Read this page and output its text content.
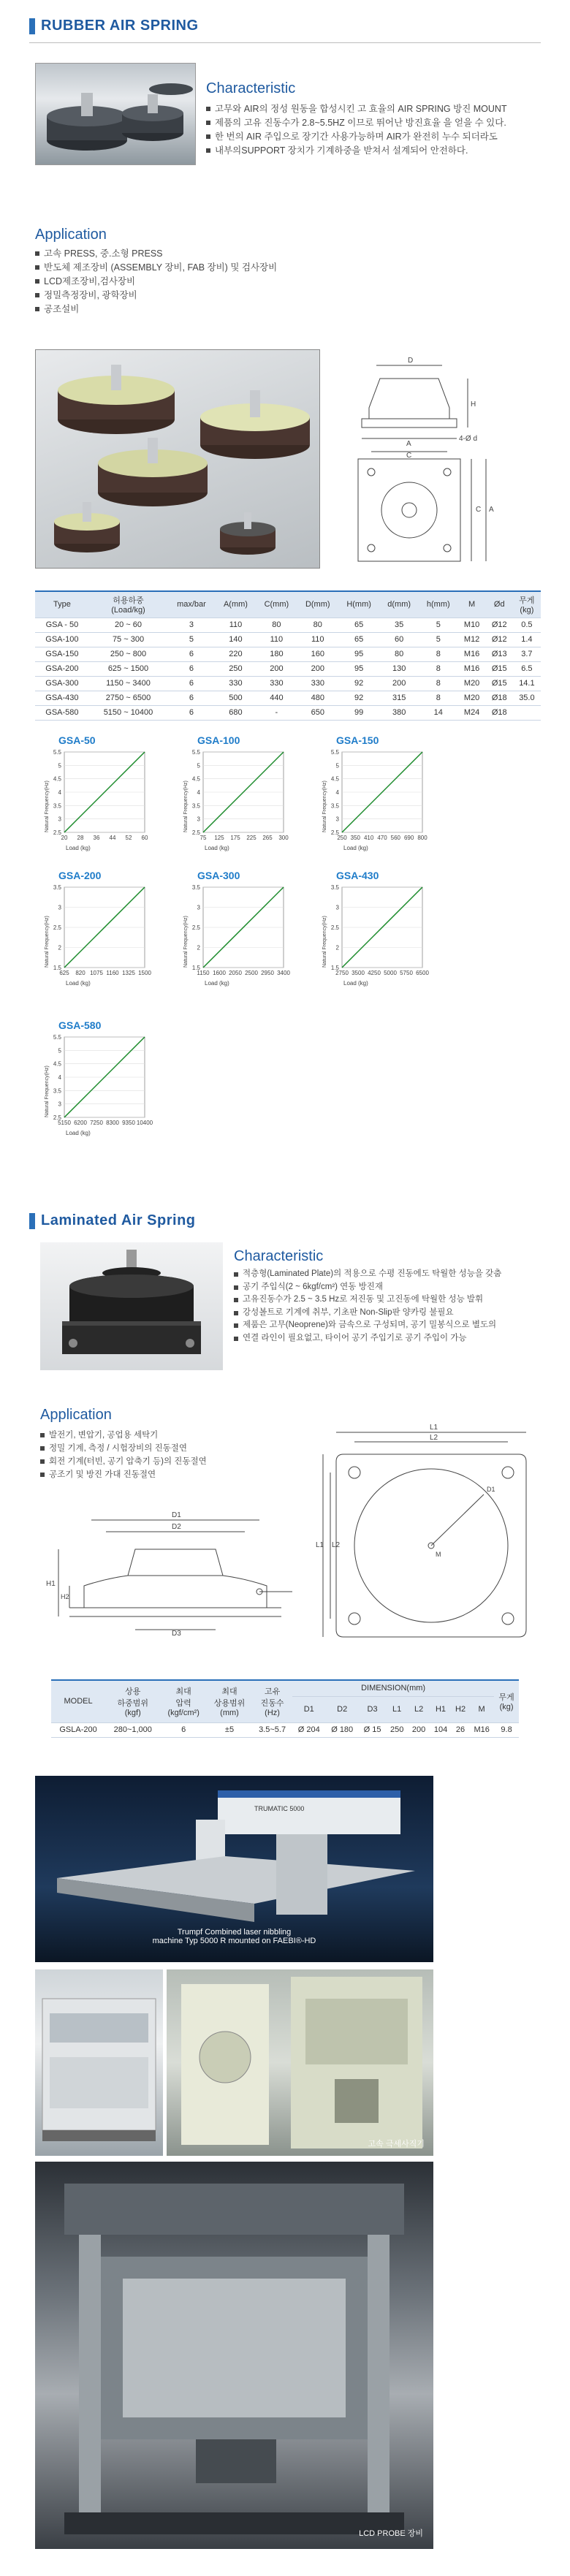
RUBBER AIR SPRING
Characteristic
고무와 AIR의 정성 원동을 합성시킨 고 효율의 AIR SPRING 방진 MOUNT
제품의 고유 진동수가 2.8~5.5HZ 이므로 뛰어난 방진효율 을 얻을 수 있다.
한 번의 AIR 주입으로 장기간 사용가능하며 AIR가 완전히 누수 되더라도
내부의SUPPORT 장치가 기계하중을 받쳐서 설계되어 안전하다.
Application
고속 PRESS, 중.소형 PRESS
반도체 제조장비 (ASSEMBLY 장비, FAB 장비) 및 검사장비
LCD제조장비,검사장비
정밀측정장비, 광학장비
공조설비
D
H
A
C
C A
4-Ø d
Type	허용하중
(Load/kg)	max/bar	A(mm)	C(mm)	D(mm)	H(mm)	d(mm)	h(mm)	M	Ød	무게
(kg)
GSA - 50	20 ~ 60	3	110	80	80	65	35	5	M10	Ø12	0.5
GSA-100	75 ~ 300	5	140	110	110	65	60	5	M12	Ø12	1.4
GSA-150	250 ~ 800	6	220	180	160	95	80	8	M16	Ø13	3.7
GSA-200	625 ~ 1500	6	250	200	200	95	130	8	M16	Ø15	6.5
GSA-300	1150 ~ 3400	6	330	330	330	92	200	8	M20	Ø15	14.1
GSA-430	2750 ~ 6500	6	500	440	480	92	315	8	M20	Ø18	35.0
GSA-580	5150 ~ 10400	6	680	-	650	99	380	14	M24	Ø18	
GSA-50
2.5
3
3.5
4
4.5
5
5.5
20 28 36 44 52 60
Load (kg)
Natural Frequency(Hz)
GSA-100
2.5
3
3.5
4
4.5
5
5.5
75 125 175 225 265 300
Load (kg)
Natural Frequency(Hz)
GSA-150
2.5
3
3.5
4
4.5
5
5.5
250 350 410 470 560 690 800
Load (kg)
Natural Frequency(Hz)
GSA-200
1.5
2
2.5
3
3.5
625 820 1075 1160 1325 1500
Load (kg)
Natural Frequency(Hz)
GSA-300
1.5
2
2.5
3
3.5
1150 1600 2050 2500 2950 3400
Load (kg)
Natural Frequency(Hz)
GSA-430
1.5
2
2.5
3
3.5
2750 3500 4250 5000 5750 6500
Load (kg)
Natural Frequency(Hz)
GSA-580
2.5
3
3.5
4
4.5
5
5.5
5150 6200 7250 8300 9350 10400
Load (kg)
Natural Frequency(Hz)
Laminated Air Spring
Characteristic
적층형(Laminated Plate)의 적용으로 수평 진동에도 탁월한 성능을 갖춤
공기 주입식(2 ~ 6kgf/cm²) 연동 방진재
고유진동수가 2.5 ~ 3.5 Hz로 저진동 및 고진동에 탁월한 성능 발휘
강성볼트로 기계에 취부, 기초판 Non-Slip판 양카링 불필요
제품은 고무(Neoprene)와 금속으로 구성되며, 공기 밀봉식으로 별도의
연결 라인이 필요없고, 타이어 공기 주입기로 공기 주입이 가능
Application
발전기, 변압기, 공업용 세탁기
정밀 기계, 측정 / 시험장비의 진동절연
회전 기계(터빈, 공기 압축기 등)의 진동절연
공조기 및 방진 가대 진동절연
D1
D2
H1
H2
D3
L1
L2
D1
M
L1 L2
MODEL	상용
하중범위
(kgf)	최대
압력
(kgf/cm²)	최대
상용범위
(mm)	고유
진동수
(Hz)	DIMENSION(mm)								무게
(kg)
					D1	D2	D3	L1	L2	H1	H2	M	
GSLA-200	280~1,000	6	±5	3.5~5.7	Ø 204	Ø 180	Ø 15	250	200	104	26	M16	9.8
TRUMATIC 5000
Trumpf Combined laser nibbling
machine Typ 5000 R mounted on FAEBI®-HD
고속 극세사직기
LCD PROBE 장비
